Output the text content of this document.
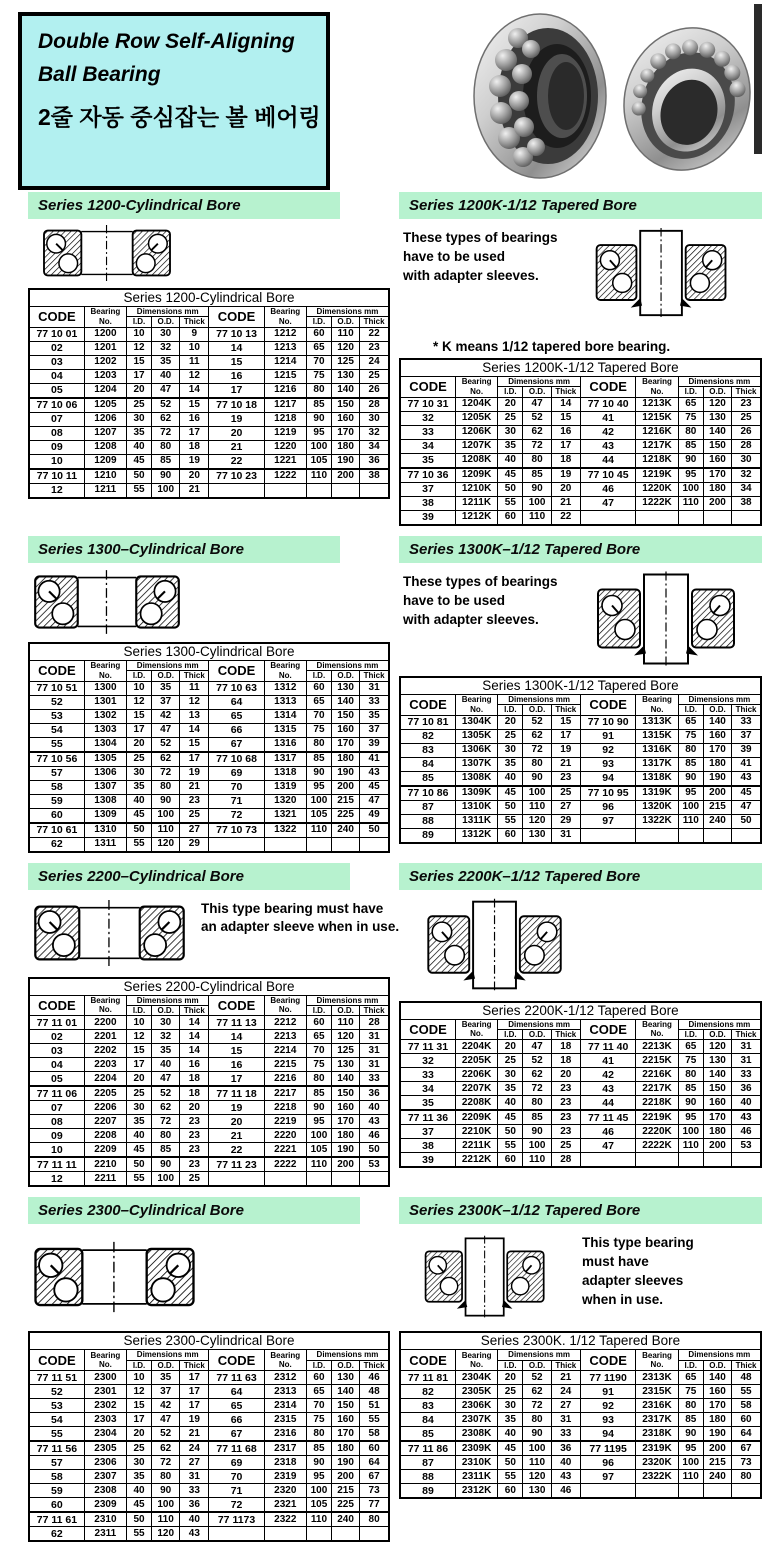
Double Row Self-Aligning
Ball Bearing
2줄 자동 중심잡는 볼 베어링
Series 1200-Cylindrical Bore
Series 1200-Cylindrical Bore									
CODE	Bearing No.	Dimensions mm			CODE	Bearing No.	Dimensions mm		
		I.D.	O.D.	Thick			I.D.	O.D.	Thick
77 10 01	1200	10	30	9	77 10 13	1212	60	110	22
02	1201	12	32	10	14	1213	65	120	23
03	1202	15	35	11	15	1214	70	125	24
04	1203	17	40	12	16	1215	75	130	25
05	1204	20	47	14	17	1216	80	140	26
77 10 06	1205	25	52	15	77 10 18	1217	85	150	28
07	1206	30	62	16	19	1218	90	160	30
08	1207	35	72	17	20	1219	95	170	32
09	1208	40	80	18	21	1220	100	180	34
10	1209	45	85	19	22	1221	105	190	36
77 10 11	1210	50	90	20	77 10 23	1222	110	200	38
12	1211	55	100	21					
Series 1200K-1/12 Tapered Bore
These types of bearings
have to be used
with adapter sleeves.
* K means 1/12 tapered bore bearing.
Series 1200K-1/12 Tapered Bore									
CODE	Bearing No.	Dimensions mm			CODE	Bearing No.	Dimensions mm		
		I.D.	O.D.	Thick			I.D.	O.D.	Thick
77 10 31	1204K	20	47	14	77 10 40	1213K	65	120	23
32	1205K	25	52	15	41	1215K	75	130	25
33	1206K	30	62	16	42	1216K	80	140	26
34	1207K	35	72	17	43	1217K	85	150	28
35	1208K	40	80	18	44	1218K	90	160	30
77 10 36	1209K	45	85	19	77 10 45	1219K	95	170	32
37	1210K	50	90	20	46	1220K	100	180	34
38	1211K	55	100	21	47	1222K	110	200	38
39	1212K	60	110	22					
Series 1300–Cylindrical Bore
Series 1300-Cylindrical Bore									
CODE	Bearing No.	Dimensions mm			CODE	Bearing No.	Dimensions mm		
		I.D.	O.D.	Thick			I.D.	O.D.	Thick
77 10 51	1300	10	35	11	77 10 63	1312	60	130	31
52	1301	12	37	12	64	1313	65	140	33
53	1302	15	42	13	65	1314	70	150	35
54	1303	17	47	14	66	1315	75	160	37
55	1304	20	52	15	67	1316	80	170	39
77 10 56	1305	25	62	17	77 10 68	1317	85	180	41
57	1306	30	72	19	69	1318	90	190	43
58	1307	35	80	21	70	1319	95	200	45
59	1308	40	90	23	71	1320	100	215	47
60	1309	45	100	25	72	1321	105	225	49
77 10 61	1310	50	110	27	77 10 73	1322	110	240	50
62	1311	55	120	29					
Series 1300K–1/12 Tapered Bore
These types of bearings
have to be used
with adapter sleeves.
Series 1300K-1/12 Tapered Bore									
CODE	Bearing No.	Dimensions mm			CODE	Bearing No.	Dimensions mm		
		I.D.	O.D.	Thick			I.D.	O.D.	Thick
77 10 81	1304K	20	52	15	77 10 90	1313K	65	140	33
82	1305K	25	62	17	91	1315K	75	160	37
83	1306K	30	72	19	92	1316K	80	170	39
84	1307K	35	80	21	93	1317K	85	180	41
85	1308K	40	90	23	94	1318K	90	190	43
77 10 86	1309K	45	100	25	77 10 95	1319K	95	200	45
87	1310K	50	110	27	96	1320K	100	215	47
88	1311K	55	120	29	97	1322K	110	240	50
89	1312K	60	130	31					
Series 2200–Cylindrical Bore
This type bearing must have
an adapter sleeve when in use.
Series 2200-Cylindrical Bore									
CODE	Bearing No.	Dimensions mm			CODE	Bearing No.	Dimensions mm		
		I.D.	O.D.	Thick			I.D.	O.D.	Thick
77 11 01	2200	10	30	14	77 11 13	2212	60	110	28
02	2201	12	32	14	14	2213	65	120	31
03	2202	15	35	14	15	2214	70	125	31
04	2203	17	40	16	16	2215	75	130	31
05	2204	20	47	18	17	2216	80	140	33
77 11 06	2205	25	52	18	77 11 18	2217	85	150	36
07	2206	30	62	20	19	2218	90	160	40
08	2207	35	72	23	20	2219	95	170	43
09	2208	40	80	23	21	2220	100	180	46
10	2209	45	85	23	22	2221	105	190	50
77 11 11	2210	50	90	23	77 11 23	2222	110	200	53
12	2211	55	100	25					
Series 2200K–1/12 Tapered Bore
Series 2200K-1/12 Tapered Bore									
CODE	Bearing No.	Dimensions mm			CODE	Bearing No.	Dimensions mm		
		I.D.	O.D.	Thick			I.D.	O.D.	Thick
77 11 31	2204K	20	47	18	77 11 40	2213K	65	120	31
32	2205K	25	52	18	41	2215K	75	130	31
33	2206K	30	62	20	42	2216K	80	140	33
34	2207K	35	72	23	43	2217K	85	150	36
35	2208K	40	80	23	44	2218K	90	160	40
77 11 36	2209K	45	85	23	77 11 45	2219K	95	170	43
37	2210K	50	90	23	46	2220K	100	180	46
38	2211K	55	100	25	47	2222K	110	200	53
39	2212K	60	110	28					
Series 2300–Cylindrical Bore
Series 2300-Cylindrical Bore									
CODE	Bearing No.	Dimensions mm			CODE	Bearing No.	Dimensions mm		
		I.D.	O.D.	Thick			I.D.	O.D.	Thick
77 11 51	2300	10	35	17	77 11 63	2312	60	130	46
52	2301	12	37	17	64	2313	65	140	48
53	2302	15	42	17	65	2314	70	150	51
54	2303	17	47	19	66	2315	75	160	55
55	2304	20	52	21	67	2316	80	170	58
77 11 56	2305	25	62	24	77 11 68	2317	85	180	60
57	2306	30	72	27	69	2318	90	190	64
58	2307	35	80	31	70	2319	95	200	67
59	2308	40	90	33	71	2320	100	215	73
60	2309	45	100	36	72	2321	105	225	77
77 11 61	2310	50	110	40	77 1173	2322	110	240	80
62	2311	55	120	43					
Series 2300K–1/12 Tapered Bore
This type bearing
must have
adapter sleeves
when in use.
Series 2300K. 1/12 Tapered Bore									
CODE	Bearing No.	Dimensions mm			CODE	Bearing No.	Dimensions mm		
		I.D.	O.D.	Thick			I.D.	O.D.	Thick
77 11 81	2304K	20	52	21	77 1190	2313K	65	140	48
82	2305K	25	62	24	91	2315K	75	160	55
83	2306K	30	72	27	92	2316K	80	170	58
84	2307K	35	80	31	93	2317K	85	180	60
85	2308K	40	90	33	94	2318K	90	190	64
77 11 86	2309K	45	100	36	77 1195	2319K	95	200	67
87	2310K	50	110	40	96	2320K	100	215	73
88	2311K	55	120	43	97	2322K	110	240	80
89	2312K	60	130	46					
